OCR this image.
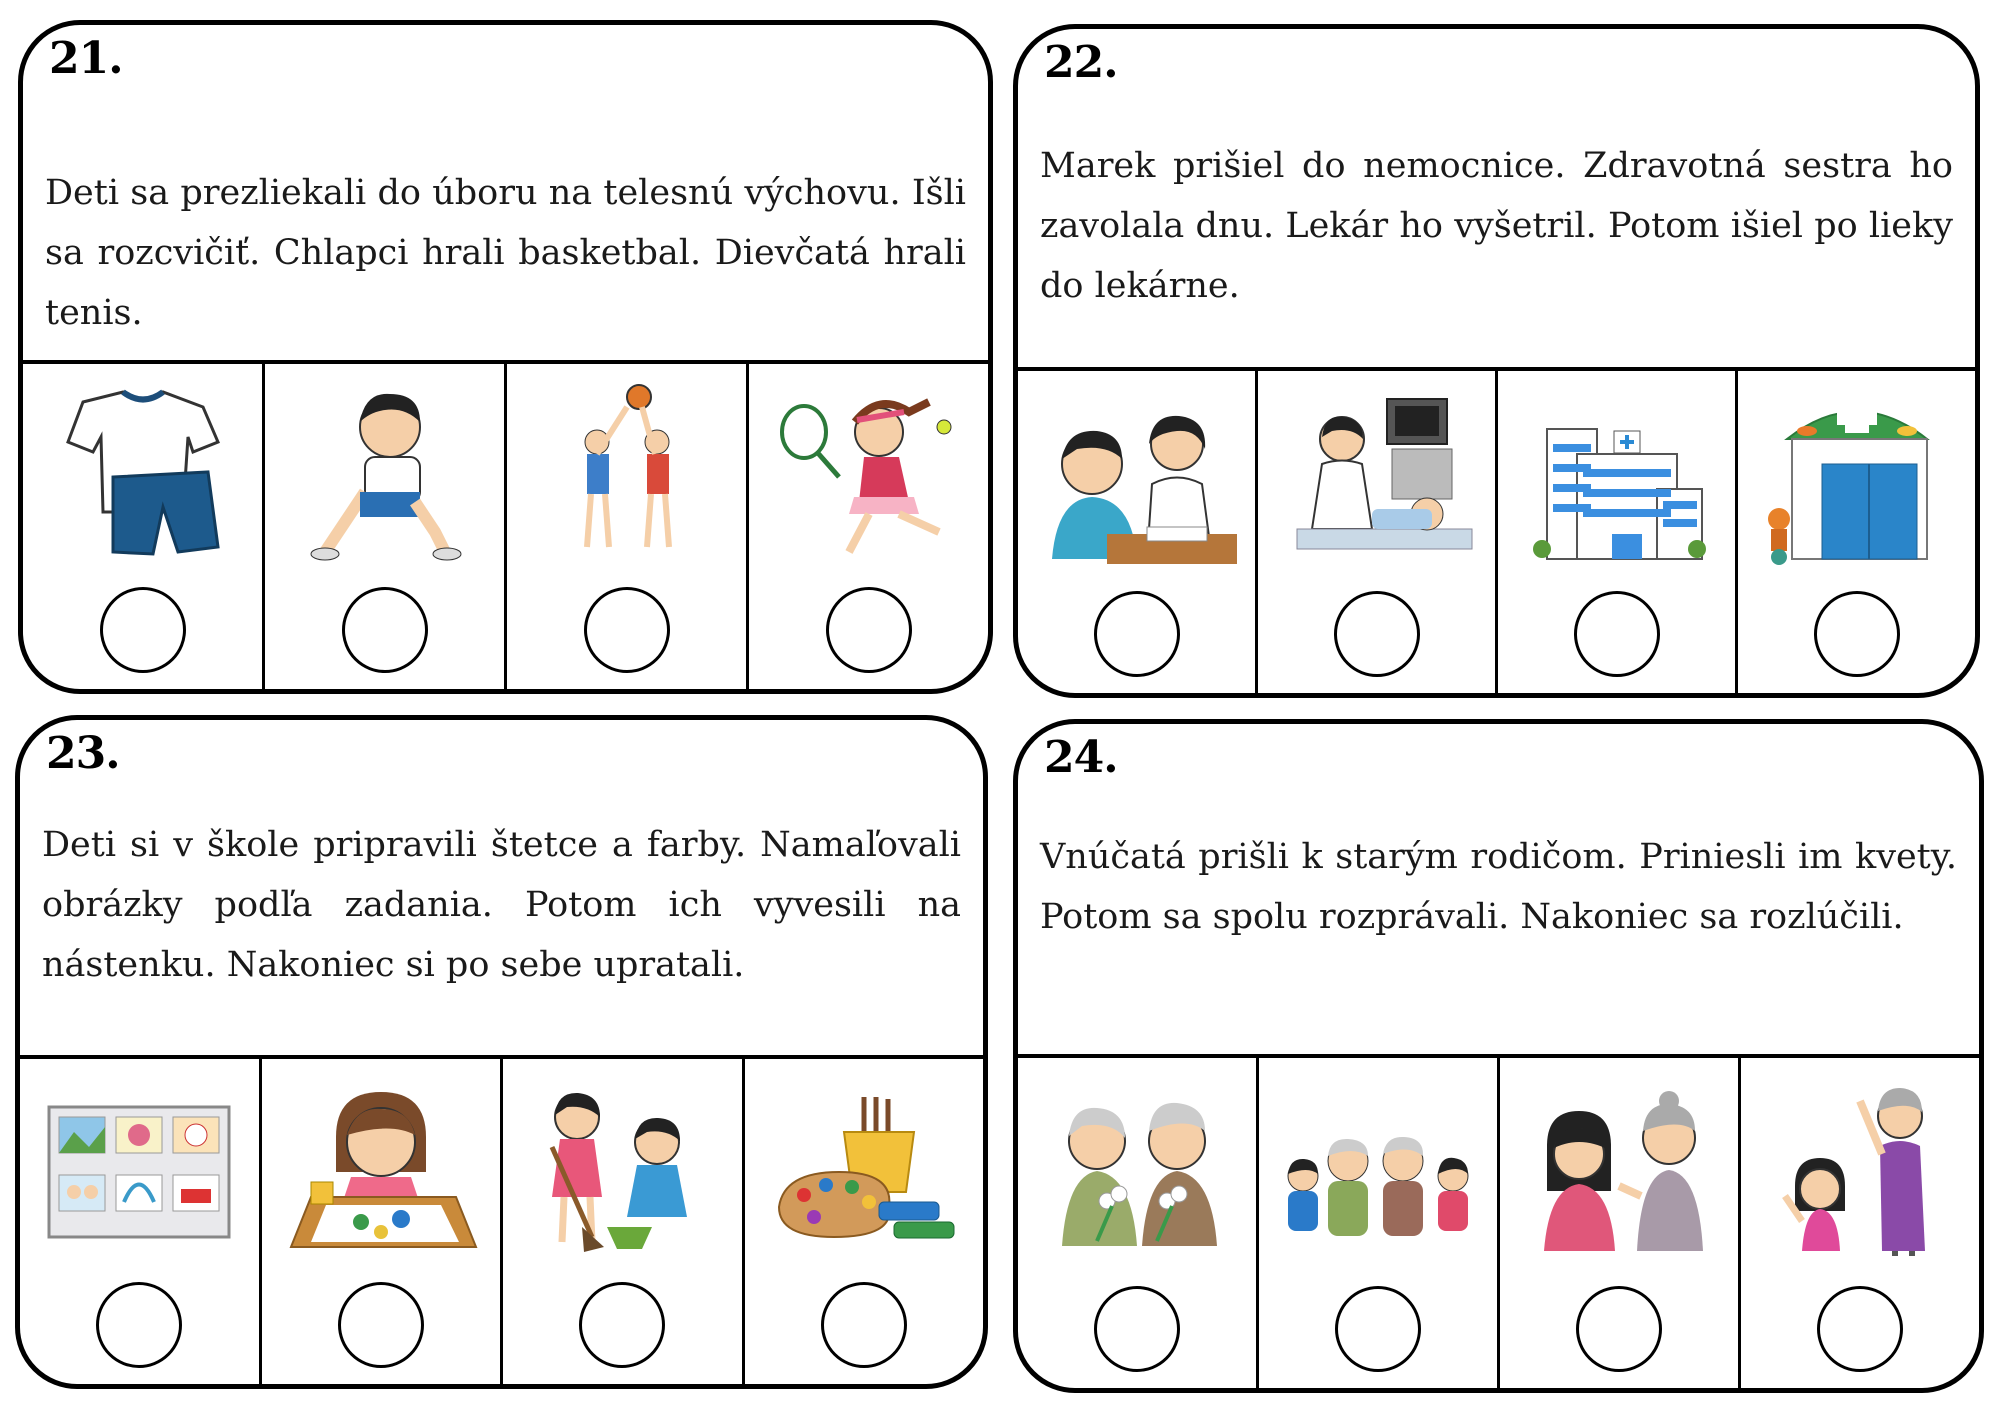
21.

Deti sa prezliekali do úboru na telesnú výchovu. Išli sa rozcvičiť. Chlapci hrali basketbal. Dievčatá hrali tenis.

22.

Marek prišiel do nemocnice. Zdravotná sestra ho zavolala dnu. Lekár ho vyšetril. Potom išiel po lieky do lekárne.

23.

Deti si v škole pripravili štetce a farby. Namaľovali obrázky podľa zadania. Potom ich vyvesili na nástenku. Nakoniec si po sebe upratali.

24.

Vnúčatá prišli k starým rodičom. Priniesli im kvety. Potom sa spolu rozprávali. Nakoniec sa rozlúčili.
